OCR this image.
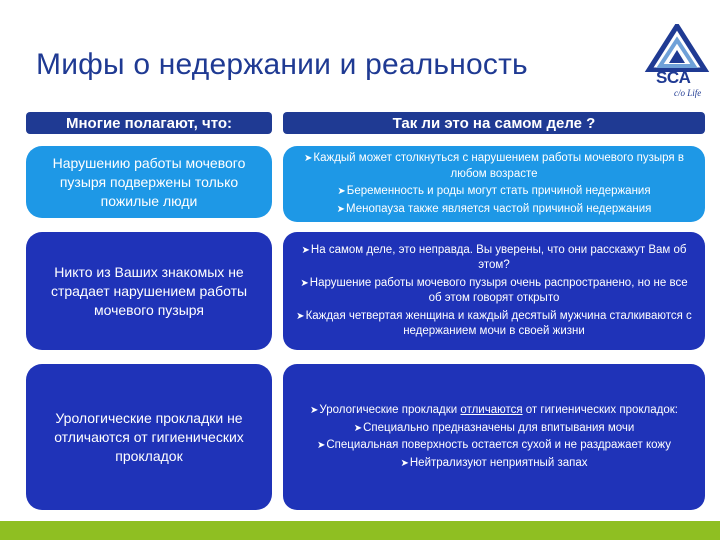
Мифы о недержании и реальность	SCA
c/o Life
Многие полагают, что:	Так ли это на самом деле ?
Нарушению работы мочевого пузыря подвержены только пожилые люди
Никто из Ваших знакомых не страдает нарушением работы мочевого пузыря
Урологические прокладки не отличаются от гигиенических прокладок
➤Каждый может столкнуться с нарушением работы мочевого пузыря в любом возрасте
➤Беременность и роды могут стать причиной недержания
➤Менопауза также является частой причиной недержания
➤На самом деле, это неправда. Вы уверены, что они расскажут Вам об этом?
➤Нарушение работы мочевого пузыря очень распространено, но не все об этом говорят открыто
➤Каждая четвертая женщина и каждый десятый мужчина сталкиваются с недержанием мочи в своей жизни
➤Урологические прокладки отличаются от гигиенических прокладок:
➤Специально предназначены для впитывания мочи
➤Специальная поверхность остается сухой и не раздражает кожу
➤Нейтрализуют неприятный запах
